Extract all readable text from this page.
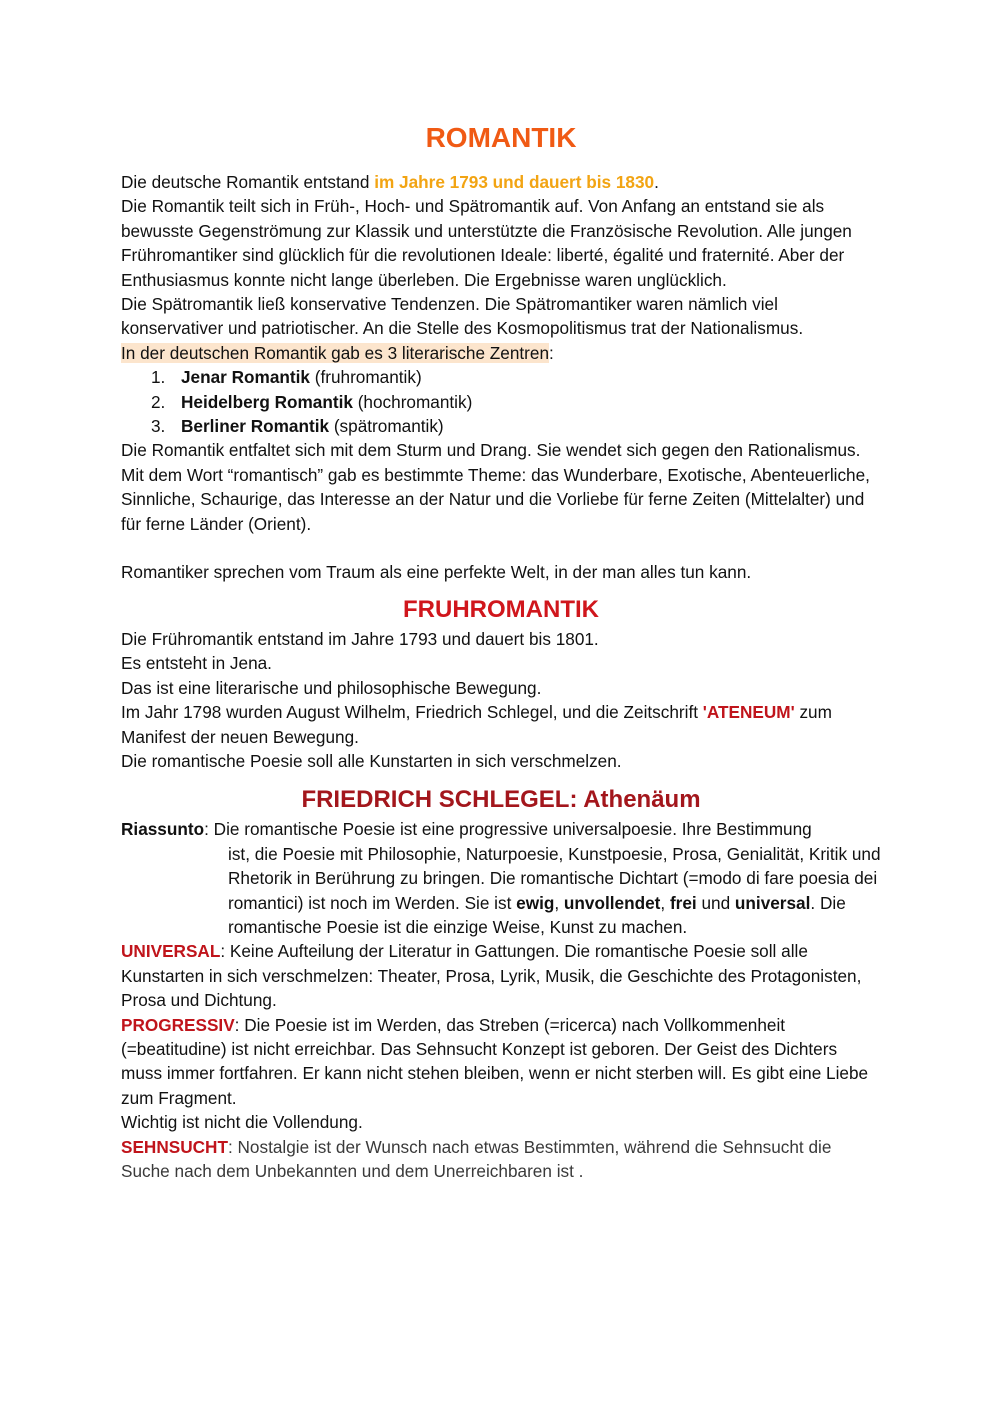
ROMANTIK

Die deutsche Romantik entstand im Jahre 1793 und dauert bis 1830.

Die Romantik teilt sich in Früh-, Hoch- und Spätromantik auf. Von Anfang an entstand sie als bewusste Gegenströmung zur Klassik und unterstützte die Französische Revolution. Alle jungen Frühromantiker sind glücklich für die revolutionen Ideale: liberté, égalité und fraternité. Aber der Enthusiasmus konnte nicht lange überleben. Die Ergebnisse waren unglücklich.

Die Spätromantik ließ konservative Tendenzen. Die Spätromantiker waren nämlich viel konservativer und patriotischer. An die Stelle des Kosmopolitismus trat der Nationalismus.

In der deutschen Romantik gab es 3 literarische Zentren:

1. Jenar Romantik (fruhromantik)
2. Heidelberg Romantik (hochromantik)
3. Berliner Romantik (spätromantik)

Die Romantik entfaltet sich mit dem Sturm und Drang. Sie wendet sich gegen den Rationalismus.

Mit dem Wort “romantisch” gab es bestimmte Theme: das Wunderbare, Exotische, Abenteuerliche, Sinnliche, Schaurige, das Interesse an der Natur und die Vorliebe für ferne Zeiten (Mittelalter) und für ferne Länder (Orient).

Romantiker sprechen vom Traum als eine perfekte Welt, in der man alles tun kann.

FRUHROMANTIK

Die Frühromantik entstand im Jahre 1793 und dauert bis 1801.

Es entsteht in Jena.

Das ist eine literarische und philosophische Bewegung.

Im Jahr 1798 wurden August Wilhelm, Friedrich Schlegel, und die Zeitschrift 'ATENEUM' zum Manifest der neuen Bewegung.

Die romantische Poesie soll alle Kunstarten in sich verschmelzen.

FRIEDRICH SCHLEGEL: Athenäum

Riassunto: Die romantische Poesie ist eine progressive universalpoesie. Ihre Bestimmung

ist, die Poesie mit Philosophie, Naturpoesie, Kunstpoesie, Prosa, Genialität, Kritik und Rhetorik in Berührung zu bringen. Die romantische Dichtart (=modo di fare poesia dei romantici) ist noch im Werden. Sie ist ewig, unvollendet, frei und universal. Die romantische Poesie ist die einzige Weise, Kunst zu machen.

UNIVERSAL: Keine Aufteilung der Literatur in Gattungen. Die romantische Poesie soll alle Kunstarten in sich verschmelzen: Theater, Prosa, Lyrik, Musik, die Geschichte des Protagonisten, Prosa und Dichtung.

PROGRESSIV: Die Poesie ist im Werden, das Streben (=ricerca) nach Vollkommenheit (=beatitudine) ist nicht erreichbar. Das Sehnsucht Konzept ist geboren. Der Geist des Dichters muss immer fortfahren. Er kann nicht stehen bleiben, wenn er nicht sterben will. Es gibt eine Liebe zum Fragment.

Wichtig ist nicht die Vollendung.

SEHNSUCHT: Nostalgie ist der Wunsch nach etwas Bestimmten, während die Sehnsucht die Suche nach dem Unbekannten und dem Unerreichbaren ist .
